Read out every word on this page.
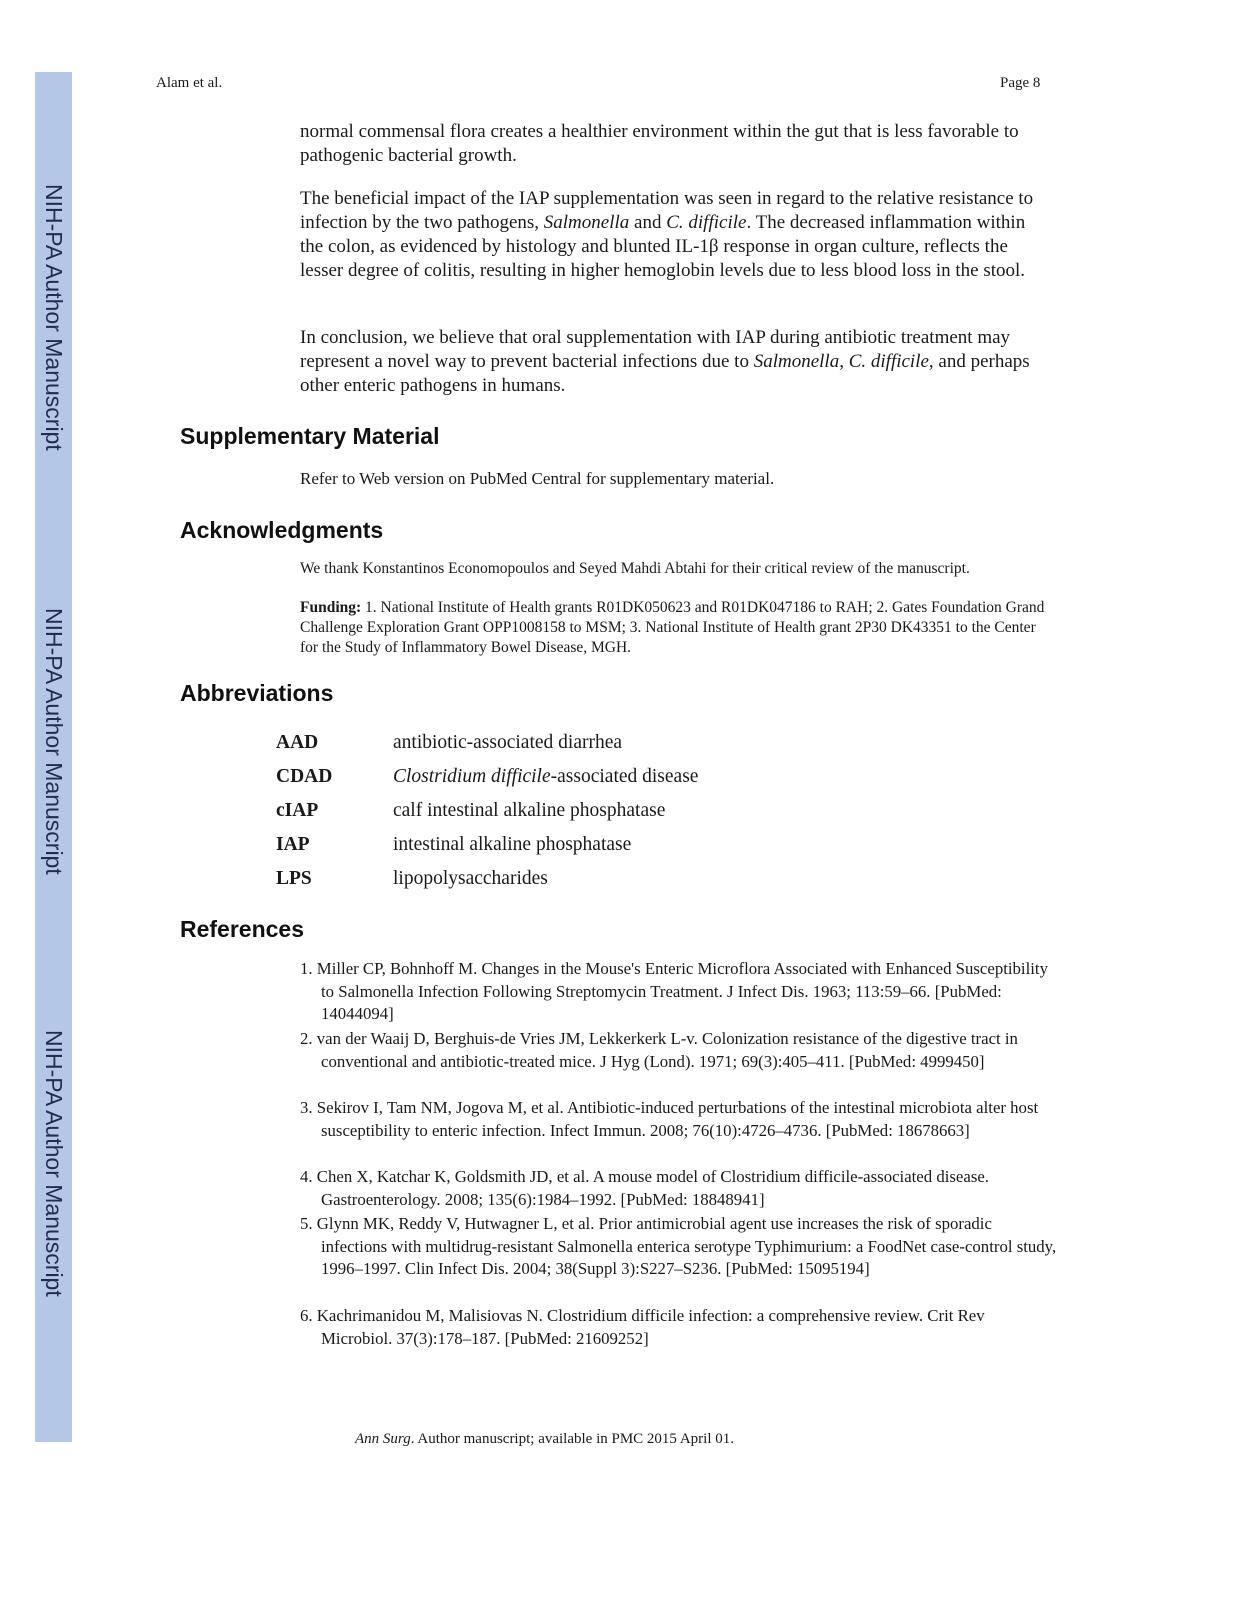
NIH-PA Author Manuscript
NIH-PA Author Manuscript
NIH-PA Author Manuscript
Alam et al.	Page 8

normal commensal flora creates a healthier environment within the gut that is less favorable to pathogenic bacterial growth.

The beneficial impact of the IAP supplementation was seen in regard to the relative resistance to infection by the two pathogens, Salmonella and C. difficile. The decreased inflammation within the colon, as evidenced by histology and blunted IL-1β response in organ culture, reflects the lesser degree of colitis, resulting in higher hemoglobin levels due to less blood loss in the stool.

In conclusion, we believe that oral supplementation with IAP during antibiotic treatment may represent a novel way to prevent bacterial infections due to Salmonella, C. difficile, and perhaps other enteric pathogens in humans.

Supplementary Material

Refer to Web version on PubMed Central for supplementary material.

Acknowledgments

We thank Konstantinos Economopoulos and Seyed Mahdi Abtahi for their critical review of the manuscript.

Funding: 1. National Institute of Health grants R01DK050623 and R01DK047186 to RAH; 2. Gates Foundation Grand Challenge Exploration Grant OPP1008158 to MSM; 3. National Institute of Health grant 2P30 DK43351 to the Center for the Study of Inflammatory Bowel Disease, MGH.

Abbreviations
AAD	antibiotic-associated diarrhea
CDAD	Clostridium difficile-associated disease
cIAP	calf intestinal alkaline phosphatase
IAP	intestinal alkaline phosphatase
LPS	lipopolysaccharides
References

1. Miller CP, Bohnhoff M. Changes in the Mouse's Enteric Microflora Associated with Enhanced Susceptibility to Salmonella Infection Following Streptomycin Treatment. J Infect Dis. 1963; 113:59–66. [PubMed: 14044094]

2. van der Waaij D, Berghuis-de Vries JM, Lekkerkerk L-v. Colonization resistance of the digestive tract in conventional and antibiotic-treated mice. J Hyg (Lond). 1971; 69(3):405–411. [PubMed: 4999450]

3. Sekirov I, Tam NM, Jogova M, et al. Antibiotic-induced perturbations of the intestinal microbiota alter host susceptibility to enteric infection. Infect Immun. 2008; 76(10):4726–4736. [PubMed: 18678663]

4. Chen X, Katchar K, Goldsmith JD, et al. A mouse model of Clostridium difficile-associated disease. Gastroenterology. 2008; 135(6):1984–1992. [PubMed: 18848941]

5. Glynn MK, Reddy V, Hutwagner L, et al. Prior antimicrobial agent use increases the risk of sporadic infections with multidrug-resistant Salmonella enterica serotype Typhimurium: a FoodNet case-control study, 1996–1997. Clin Infect Dis. 2004; 38(Suppl 3):S227–S236. [PubMed: 15095194]

6. Kachrimanidou M, Malisiovas N. Clostridium difficile infection: a comprehensive review. Crit Rev Microbiol. 37(3):178–187. [PubMed: 21609252]

Ann Surg. Author manuscript; available in PMC 2015 April 01.
